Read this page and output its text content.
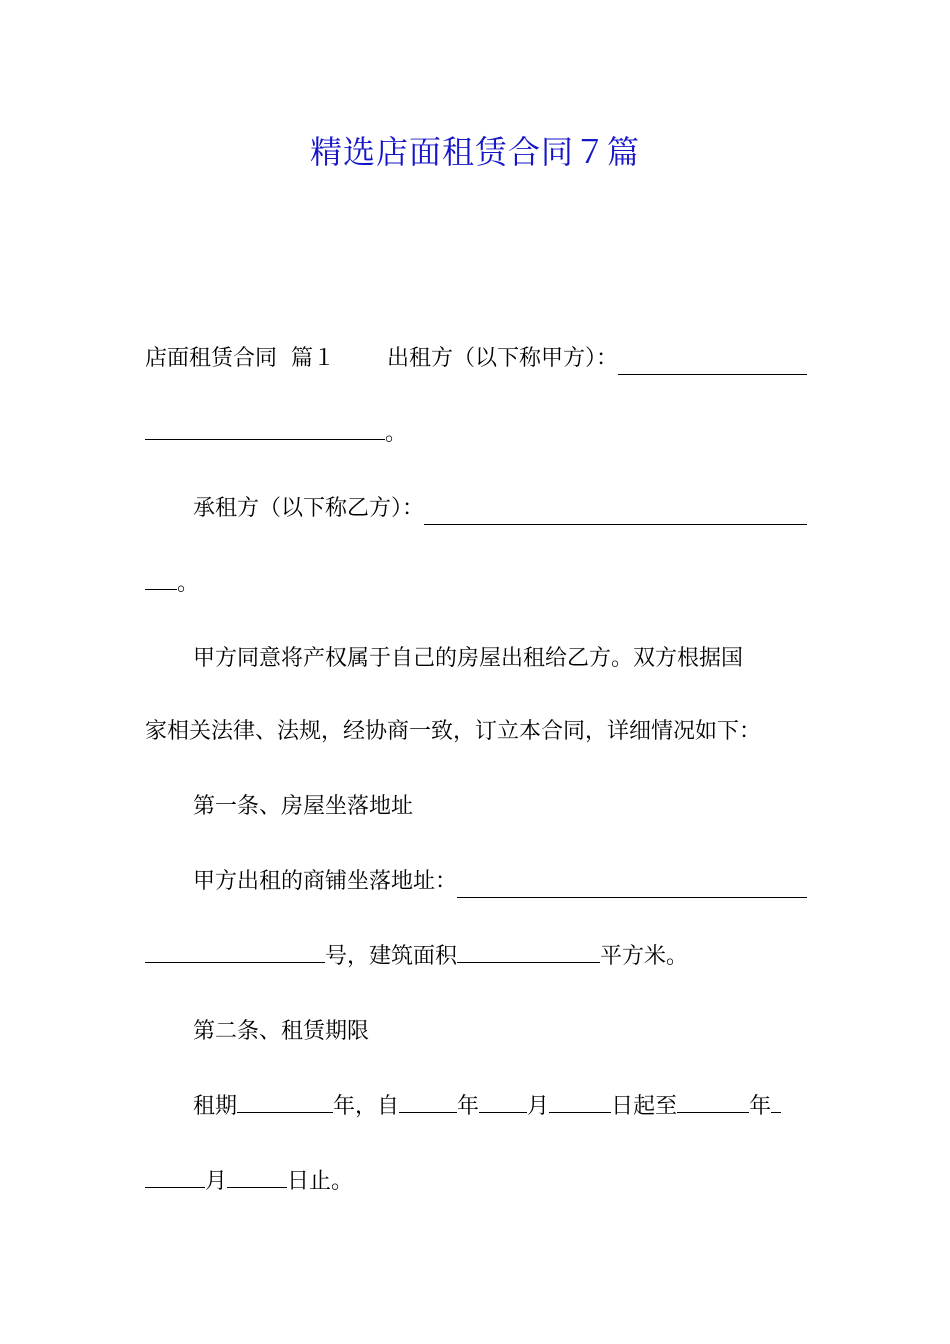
精选店面租赁合同７篇
店面租赁合同 篇１ 出租方（以下称甲方）：
。
承租方（以下称乙方）：
。
甲方同意将产权属于自己的房屋出租给乙方。双方根据国
家相关法律、法规，经协商一致，订立本合同，详细情况如下：
第一条、房屋坐落地址
甲方出租的商铺坐落地址：
号，建筑面积	平方米。
第二条、租赁期限
租期	年，自	年 月	日起至	年
月	日止。
